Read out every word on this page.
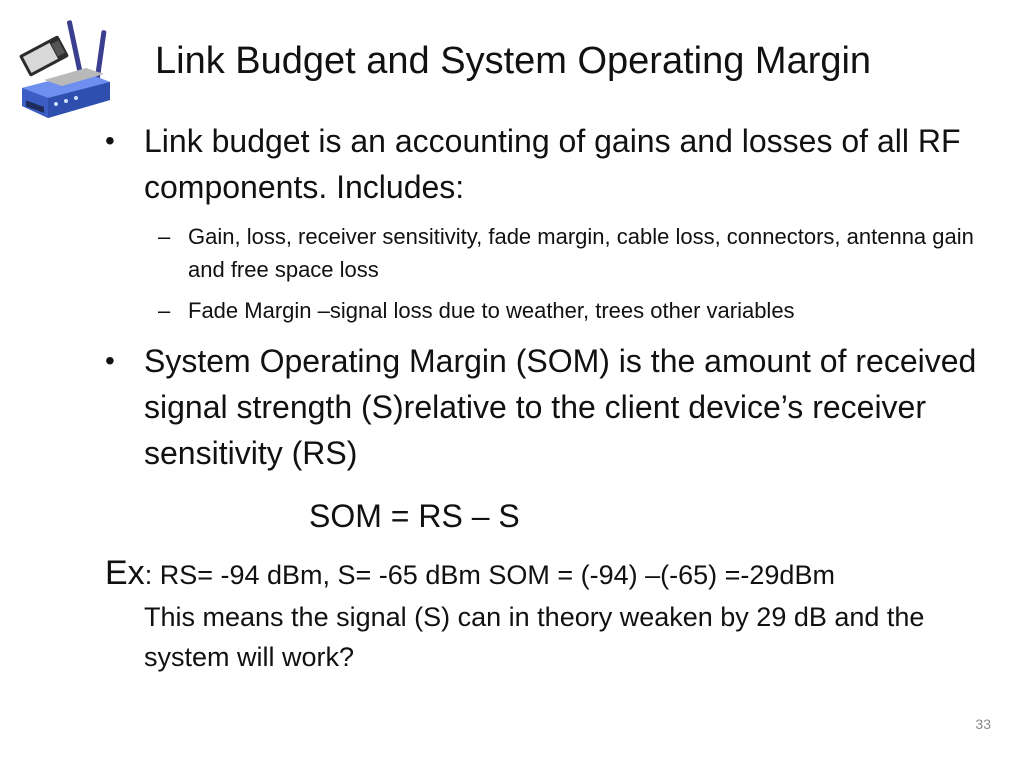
Link Budget and System Operating Margin
• Link budget is an accounting of gains and losses of all RF components. Includes:
– Gain, loss, receiver sensitivity, fade margin, cable loss, connectors, antenna gain and free space loss
– Fade Margin –signal loss due to weather, trees other variables
• System Operating Margin (SOM) is the amount of received signal strength (S)relative to the client device’s receiver sensitivity (RS)
SOM = RS – S
Ex: RS= -94 dBm, S= -65 dBm SOM = (-94) –(-65) =-29dBm
This means the signal (S) can in theory weaken by 29 dB and the system will work?
33
